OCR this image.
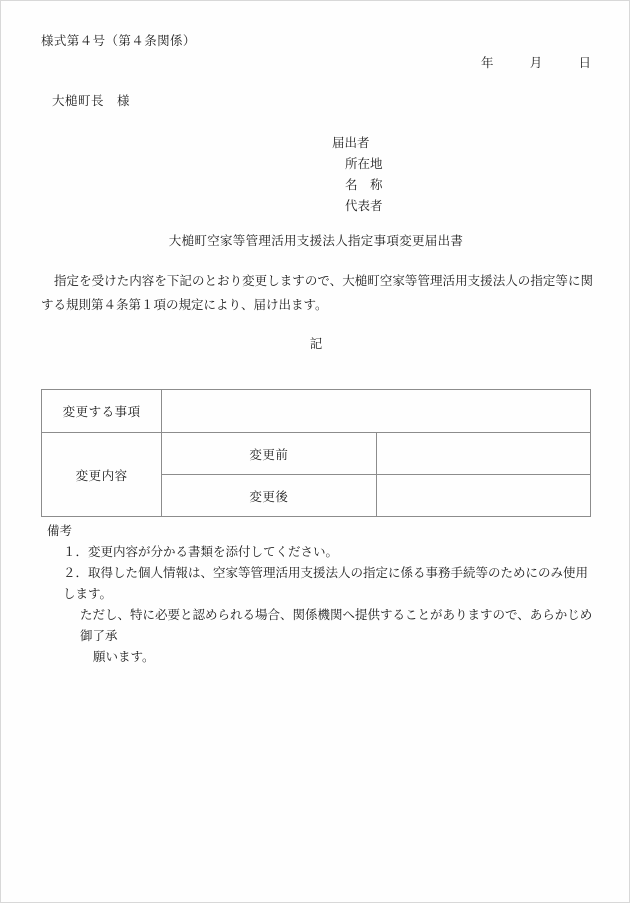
様式第４号（第４条関係）
年	月	日
大槌町長　様
届出者
所在地
名　称
代表者
大槌町空家等管理活用支援法人指定事項変更届出書

指定を受けた内容を下記のとおり変更しますので、大槌町空家等管理活用支援法人の指定等に関する規則第４条第１項の規定により、届け出ます。

記
変更する事項		
変更内容	変更前	
	変更後	

備考

１．変更内容が分かる書類を添付してください。

２．取得した個人情報は、空家等管理活用支援法人の指定に係る事務手続等のためにのみ使用します。

ただし、特に必要と認められる場合、関係機関へ提供することがありますので、あらかじめ御了承

願います。
